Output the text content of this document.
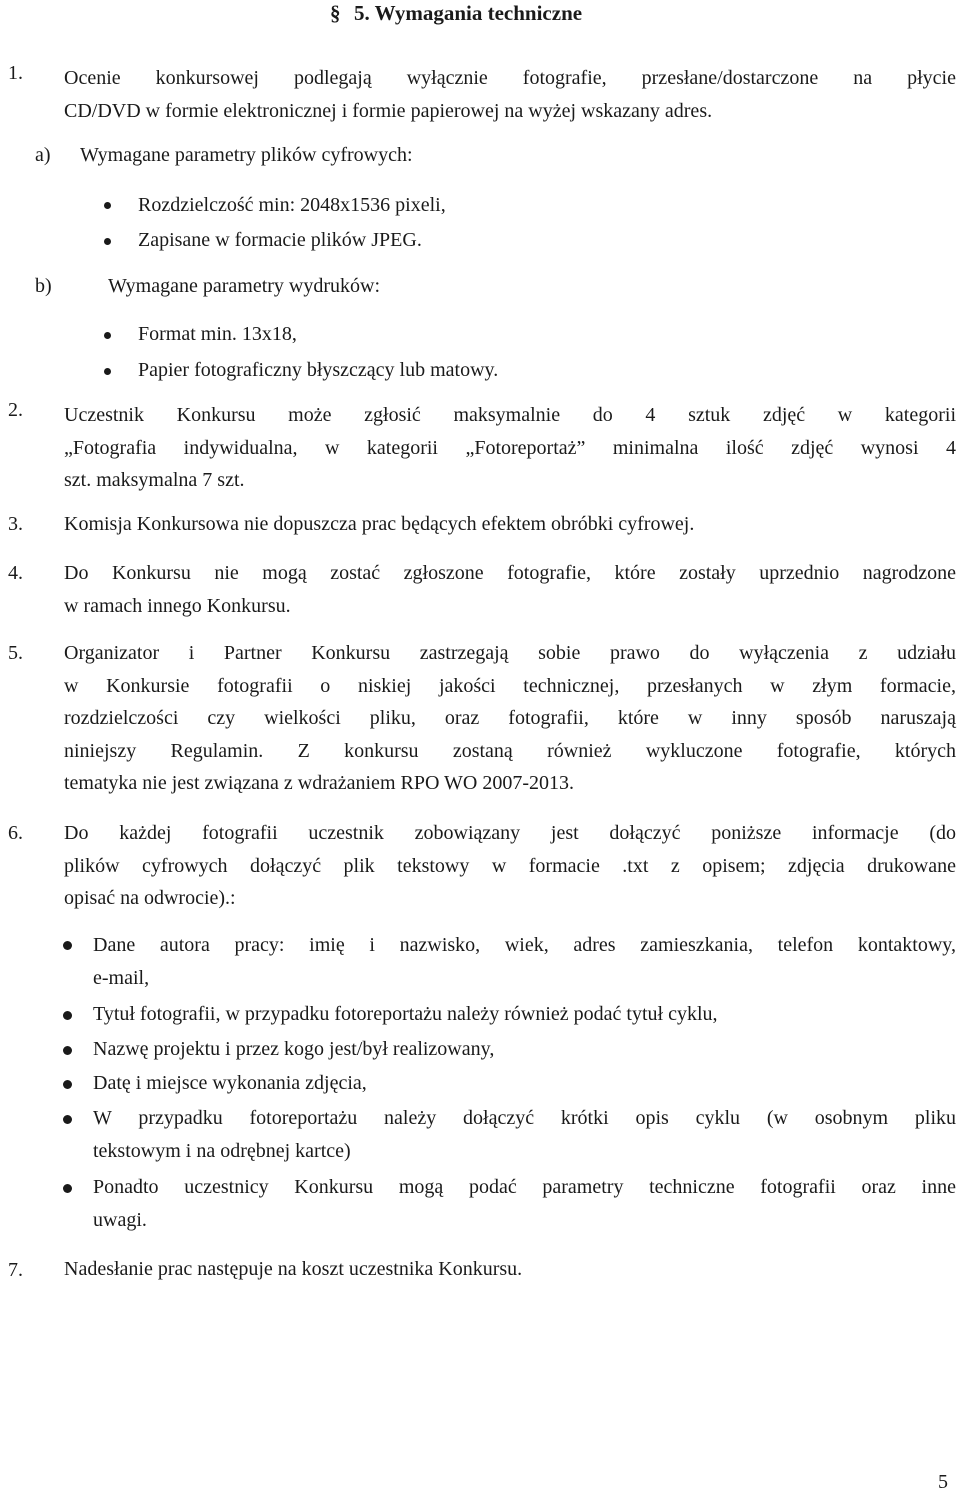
§ 5. Wymagania techniczne
1. Ocenie konkursowej podlegają wyłącznie fotografie, przesłane/dostarczone na płycie
CD/DVD w formie elektronicznej i formie papierowej na wyżej wskazany adres.
a) Wymagane parametry plików cyfrowych:
Rozdzielczość min: 2048x1536 pixeli,
Zapisane w formacie plików JPEG.
b)	Wymagane parametry wydruków:
Format min. 13x18,
Papier fotograficzny błyszczący lub matowy.
2. Uczestnik Konkursu może zgłosić maksymalnie do 4 sztuk zdjęć w kategorii
„Fotografia indywidualna, w kategorii „Fotoreportaż” minimalna ilość zdjęć wynosi 4
szt. maksymalna 7 szt.
3. Komisja Konkursowa nie dopuszcza prac będących efektem obróbki cyfrowej.
4. Do Konkursu nie mogą zostać zgłoszone fotografie, które zostały uprzednio nagrodzone
w ramach innego Konkursu.
5. Organizator i Partner Konkursu zastrzegają sobie prawo do wyłączenia z udziału
w Konkursie fotografii o niskiej jakości technicznej, przesłanych w złym formacie,
rozdzielczości czy wielkości pliku, oraz fotografii, które w inny sposób naruszają
niniejszy Regulamin. Z konkursu zostaną również wykluczone fotografie, których
tematyka nie jest związana z wdrażaniem RPO WO 2007-2013.
6. Do każdej fotografii uczestnik zobowiązany jest dołączyć poniższe informacje (do
plików cyfrowych dołączyć plik tekstowy w formacie .txt z opisem; zdjęcia drukowane
opisać na odwrocie).:
Dane autora pracy: imię i nazwisko, wiek, adres zamieszkania, telefon kontaktowy,
e-mail,
Tytuł fotografii, w przypadku fotoreportażu należy również podać tytuł cyklu,
Nazwę projektu i przez kogo jest/był realizowany,
Datę i miejsce wykonania zdjęcia,
W przypadku fotoreportażu należy dołączyć krótki opis cyklu (w osobnym pliku
tekstowym i na odrębnej kartce)
Ponadto uczestnicy Konkursu mogą podać parametry techniczne fotografii oraz inne
uwagi.
7. Nadesłanie prac następuje na koszt uczestnika Konkursu.
5
